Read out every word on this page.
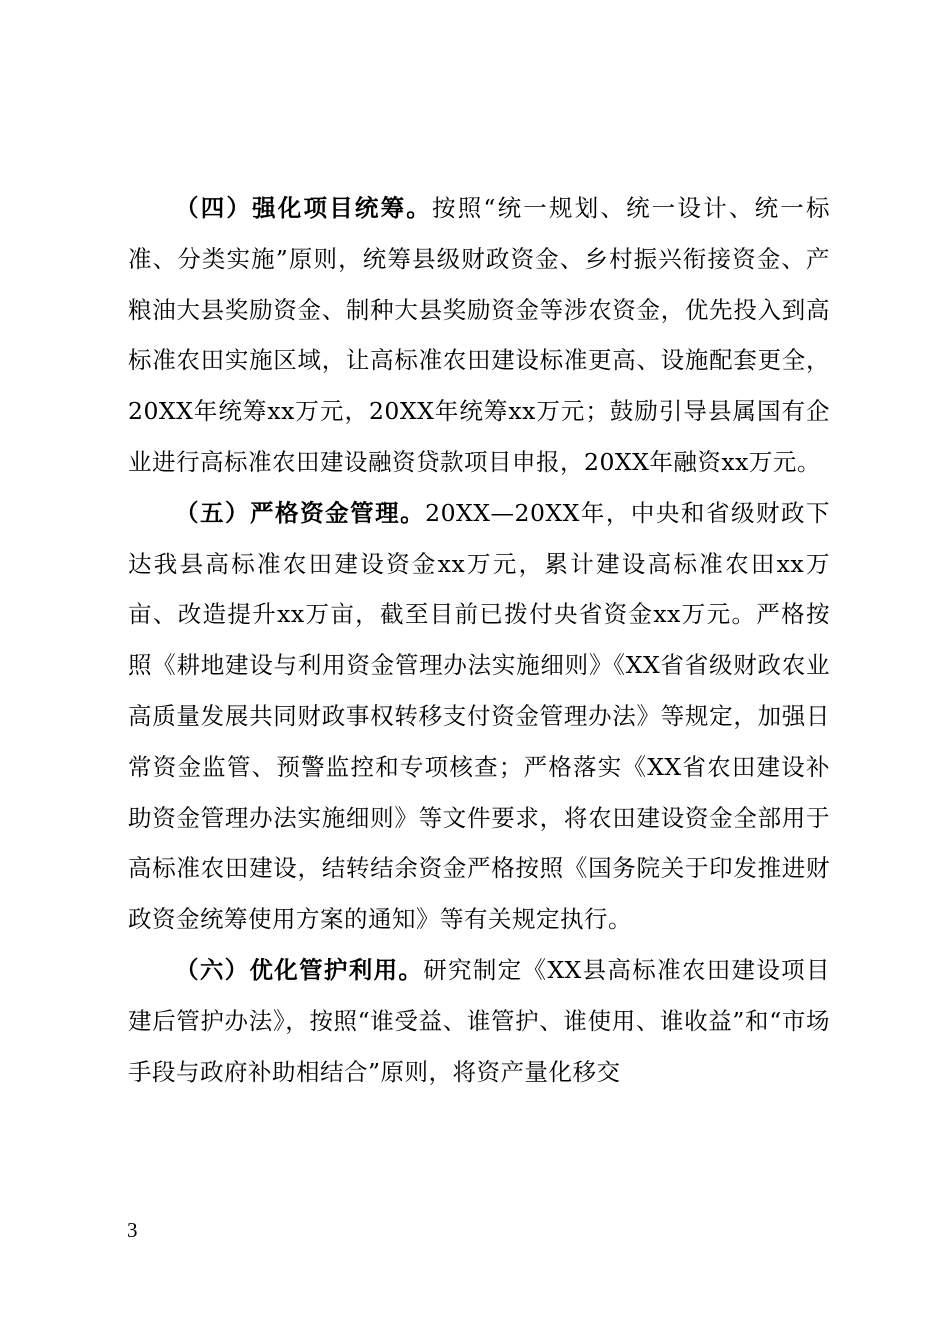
（四）强化项目统筹。按照“统一规划、统一设计、统一标准、分类实施”原则，统筹县级财政资金、乡村振兴衔接资金、产粮油大县奖励资金、制种大县奖励资金等涉农资金，优先投入到高标准农田实施区域，让高标准农田建设标准更高、设施配套更全，20XX年统筹xx万元，20XX年统筹xx万元；鼓励引导县属国有企业进行高标准农田建设融资贷款项目申报，20XX年融资xx万元。

（五）严格资金管理。20XX—20XX年，中央和省级财政下达我县高标准农田建设资金xx万元，累计建设高标准农田xx万亩、改造提升xx万亩，截至目前已拨付央省资金xx万元。严格按照《耕地建设与利用资金管理办法实施细则》《XX省省级财政农业高质量发展共同财政事权转移支付资金管理办法》等规定，加强日常资金监管、预警监控和专项核查；严格落实《XX省农田建设补助资金管理办法实施细则》等文件要求，将农田建设资金全部用于高标准农田建设，结转结余资金严格按照《国务院关于印发推进财政资金统筹使用方案的通知》等有关规定执行。

（六）优化管护利用。研究制定《XX县高标准农田建设项目建后管护办法》，按照“谁受益、谁管护、谁使用、谁收益”和“市场手段与政府补助相结合”原则，将资产量化移交

3
